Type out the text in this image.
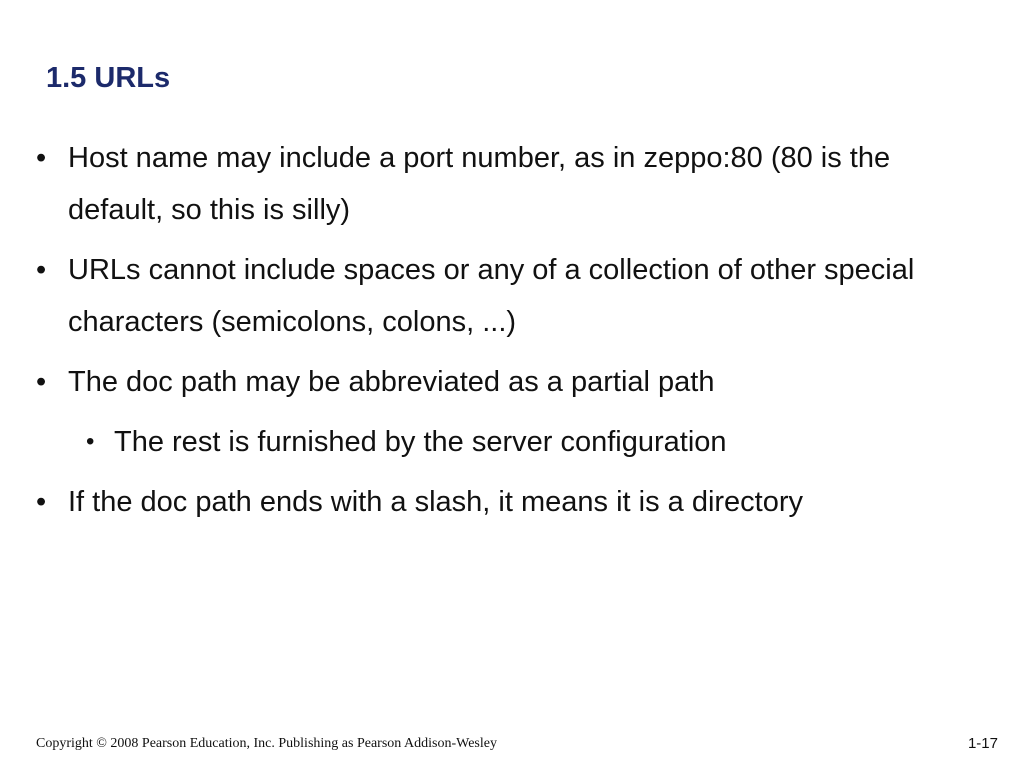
1.5 URLs
• Host name may include a port number, as in zeppo:80 (80 is the default, so this is silly)
• URLs cannot include spaces or any of a collection of other special characters (semicolons, colons, ...)
• The doc path may be abbreviated as a partial path
• The rest is furnished by the server configuration
• If the doc path ends with a slash, it means it is a directory
Copyright © 2008 Pearson Education, Inc. Publishing as Pearson Addison-Wesley	1-17
